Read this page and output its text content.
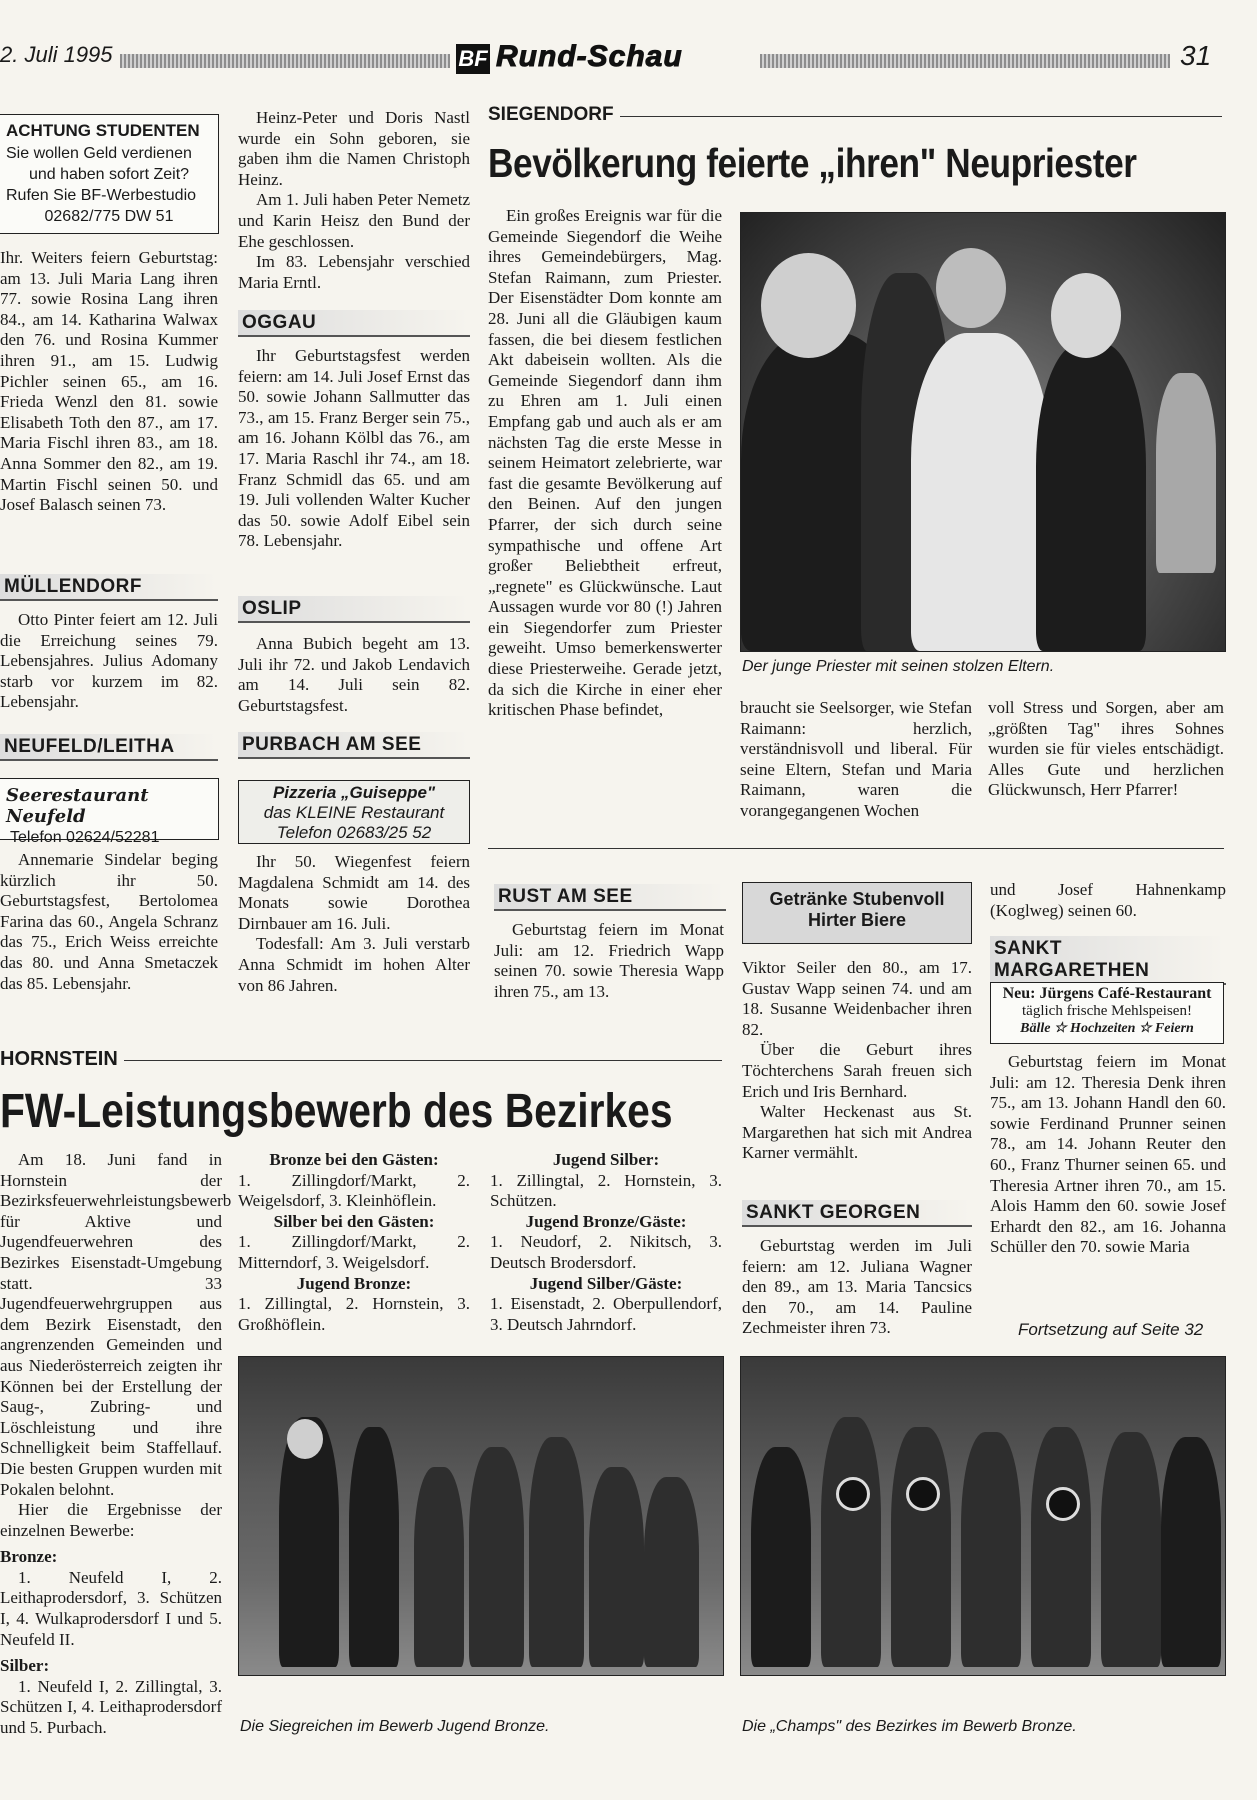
2. Juli 1995	BF Rund-Schau	31
ACHTUNG STUDENTEN
Sie wollen Geld verdienen
und haben sofort Zeit?
Rufen Sie BF-Werbestudio
02682/775 DW 51

Ihr. Weiters feiern Geburtstag: am 13. Juli Maria Lang ihren 77. sowie Rosina Lang ihren 84., am 14. Katharina Walwax den 76. und Rosina Kummer ihren 91., am 15. Ludwig Pichler seinen 65., am 16. Frieda Wenzl den 81. sowie Elisabeth Toth den 87., am 17. Maria Fischl ihren 83., am 18. Anna Sommer den 82., am 19. Martin Fischl seinen 50. und Josef Balasch seinen 73.

MÜLLENDORF

Otto Pinter feiert am 12. Juli die Erreichung seines 79. Lebensjahres. Julius Adomany starb vor kurzem im 82. Lebensjahr.

NEUFELD/LEITHA
Seerestaurant Neufeld
Telefon 02624/52281

Annemarie Sindelar beging kürzlich ihr 50. Geburtstagsfest, Bertolomea Farina das 60., Angela Schranz das 75., Erich Weiss erreichte das 80. und Anna Smetaczek das 85. Lebensjahr.

Heinz-Peter und Doris Nastl wurde ein Sohn geboren, sie gaben ihm die Namen Christoph Heinz.

Am 1. Juli haben Peter Nemetz und Karin Heisz den Bund der Ehe geschlossen.

Im 83. Lebensjahr verschied Maria Erntl.

OGGAU

Ihr Geburtstagsfest werden feiern: am 14. Juli Josef Ernst das 50. sowie Johann Sallmutter das 73., am 15. Franz Berger sein 75., am 16. Johann Kölbl das 76., am 17. Maria Raschl ihr 74., am 18. Franz Schmidl das 65. und am 19. Juli vollenden Walter Kucher das 50. sowie Adolf Eibel sein 78. Lebensjahr.

OSLIP

Anna Bubich begeht am 13. Juli ihr 72. und Jakob Lendavich am 14. Juli sein 82. Geburtstagsfest.

PURBACH AM SEE
Pizzeria „Guiseppe"
das KLEINE Restaurant
Telefon 02683/25 52

Ihr 50. Wiegenfest feiern Magdalena Schmidt am 14. des Monats sowie Dorothea Dirnbauer am 16. Juli.

Todesfall: Am 3. Juli verstarb Anna Schmidt im hohen Alter von 86 Jahren.

SIEGENDORF
Bevölkerung feierte „ihren" Neupriester

Ein großes Ereignis war für die Gemeinde Siegendorf die Weihe ihres Gemeindebürgers, Mag. Stefan Raimann, zum Priester. Der Eisenstädter Dom konnte am 28. Juni all die Gläubigen kaum fassen, die bei diesem festlichen Akt dabeisein wollten. Als die Gemeinde Siegendorf dann ihm zu Ehren am 1. Juli einen Empfang gab und auch als er am nächsten Tag die erste Messe in seinem Heimatort zelebrierte, war fast die gesamte Bevölkerung auf den Beinen. Auf den jungen Pfarrer, der sich durch seine sympathische und offene Art großer Beliebtheit erfreut, „regnete" es Glückwünsche. Laut Aussagen wurde vor 80 (!) Jahren ein Siegendorfer zum Priester geweiht. Umso bemerkenswerter diese Priesterweihe. Gerade jetzt, da sich die Kirche in einer eher kritischen Phase befindet,

Der junge Priester mit seinen stolzen Eltern.

braucht sie Seelsorger, wie Stefan Raimann: herzlich, verständnisvoll und liberal. Für seine Eltern, Stefan und Maria Raimann, waren die vorangegangenen Wochen

voll Stress und Sorgen, aber am „größten Tag" ihres Sohnes wurden sie für vieles entschädigt. Alles Gute und herzlichen Glückwunsch, Herr Pfarrer!

RUST AM SEE

Geburtstag feiern im Monat Juli: am 12. Friedrich Wapp seinen 70. sowie Theresia Wapp ihren 75., am 13.

Getränke Stubenvoll
Hirter Biere

Viktor Seiler den 80., am 17. Gustav Wapp seinen 74. und am 18. Susanne Weidenbacher ihren 82.

Über die Geburt ihres Töchterchens Sarah freuen sich Erich und Iris Bernhard.

Walter Heckenast aus St. Margarethen hat sich mit Andrea Karner vermählt.

SANKT GEORGEN

Geburtstag werden im Juli feiern: am 12. Juliana Wagner den 89., am 13. Maria Tancsics den 70., am 14. Pauline Zechmeister ihren 73.

und Josef Hahnenkamp (Koglweg) seinen 60.

SANKT MARGARETHEN
Neu: Jürgens Café-Restaurant
täglich frische Mehlspeisen!
Bälle ☆ Hochzeiten ☆ Feiern

Geburtstag feiern im Monat Juli: am 12. Theresia Denk ihren 75., am 13. Johann Handl den 60. sowie Ferdinand Prunner seinen 78., am 14. Johann Reuter den 60., Franz Thurner seinen 65. und Theresia Artner ihren 70., am 15. Alois Hamm den 60. sowie Josef Erhardt den 82., am 16. Johanna Schüller den 70. sowie Maria

Fortsetzung auf Seite 32
HORNSTEIN
FW-Leistungsbewerb des Bezirkes

Am 18. Juni fand in Hornstein der Bezirksfeuerwehrleistungsbewerb für Aktive und Jugendfeuerwehren des Bezirkes Eisenstadt-Umgebung statt. 33 Jugendfeuerwehrgruppen aus dem Bezirk Eisenstadt, den angrenzenden Gemeinden und aus Niederösterreich zeigten ihr Können bei der Erstellung der Saug-, Zubring- und Löschleistung und ihre Schnelligkeit beim Staffellauf. Die besten Gruppen wurden mit Pokalen belohnt.

Hier die Ergebnisse der einzelnen Bewerbe:

Bronze:

1. Neufeld I, 2. Leithaprodersdorf, 3. Schützen I, 4. Wulkaprodersdorf I und 5. Neufeld II.

Silber:

1. Neufeld I, 2. Zillingtal, 3. Schützen I, 4. Leithaprodersdorf und 5. Purbach.

Bronze bei den Gästen:

1. Zillingdorf/Markt, 2. Weigelsdorf, 3. Kleinhöflein.

Silber bei den Gästen:

1. Zillingdorf/Markt, 2. Mitterndorf, 3. Weigelsdorf.

Jugend Bronze:

1. Zillingtal, 2. Hornstein, 3. Großhöflein.

Jugend Silber:

1. Zillingtal, 2. Hornstein, 3. Schützen.

Jugend Bronze/Gäste:

1. Neudorf, 2. Nikitsch, 3. Deutsch Brodersdorf.

Jugend Silber/Gäste:

1. Eisenstadt, 2. Oberpullendorf, 3. Deutsch Jahrndorf.

Die Siegreichen im Bewerb Jugend Bronze.	Die „Champs" des Bezirkes im Bewerb Bronze.
